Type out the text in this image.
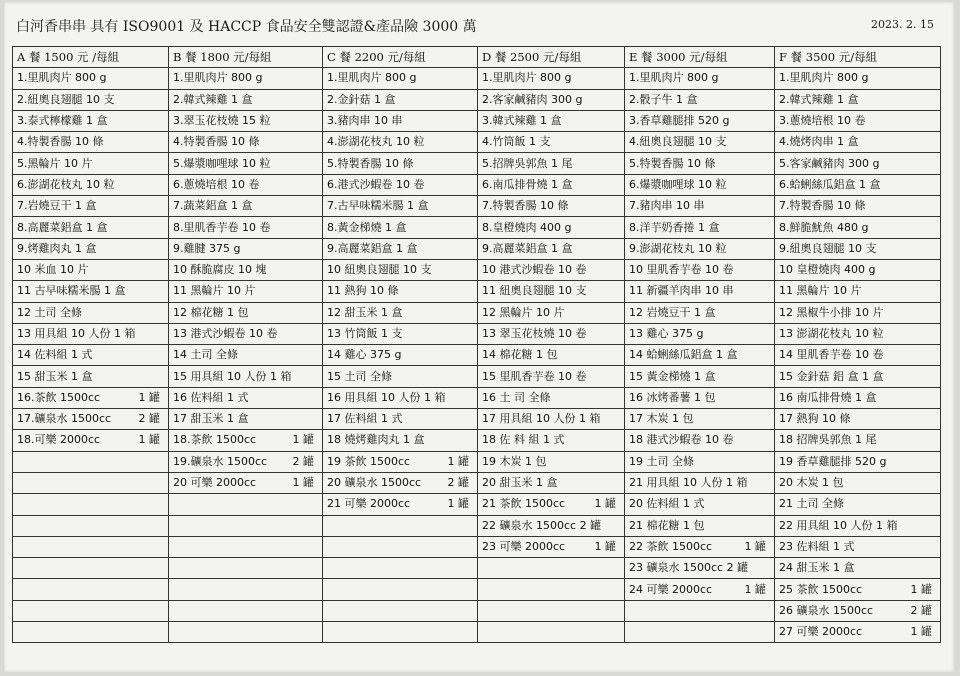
白河香串串 具有 ISO9001 及 HACCP 食品安全雙認證&產品險 3000 萬	2023. 2. 15
A 餐 1500 元 /每組	B 餐 1800 元/每組	C 餐 2200 元/每組	D 餐 2500 元/每組	E 餐 3000 元/每組	F 餐 3500 元/每組
1.里肌肉片 800 g	1.里肌肉片 800 g	1.里肌肉片 800 g	1.里肌肉片 800 g	1.里肌肉片 800 g	1.里肌肉片 800 g
2.紐奧良翅腿 10 支	2.韓式辣雞 1 盒	2.金針菇 1 盒	2.客家鹹豬肉 300 g	2.骰子牛 1 盒	2.韓式辣雞 1 盒
3.泰式檸檬雞 1 盒	3.翠玉花枝燒 15 粒	3.豬肉串 10 串	3.韓式辣雞 1 盒	3.香草雞腿排 520 g	3.蔥燒培根 10 卷
4.特製香腸 10 條	4.特製香腸 10 條	4.澎湖花枝丸 10 粒	4.竹筒飯 1 支	4.紐奧良翅腿 10 支	4.燒烤肉串 1 盒
5.黑輪片 10 片	5.爆漿咖哩球 10 粒	5.特製香腸 10 條	5.招牌吳郭魚 1 尾	5.特製香腸 10 條	5.客家鹹豬肉 300 g
6.澎湖花枝丸 10 粒	6.蔥燒培根 10 卷	6.港式沙蝦卷 10 卷	6.南瓜排骨燒 1 盒	6.爆漿咖哩球 10 粒	6.蛤蜊絲瓜鋁盒 1 盒
7.岩燒豆干 1 盒	7.蔬菜鋁盒 1 盒	7.古早味糯米腸 1 盒	7.特製香腸 10 條	7.豬肉串 10 串	7.特製香腸 10 條
8.高麗菜鋁盒 1 盒	8.里肌香芋卷 10 卷	8.黃金梯燒 1 盒	8.皇橙燒肉 400 g	8.洋芋奶香捲 1 盒	8.鮮脆魷魚 480 g
9.烤雞肉丸 1 盒	9.雞腱 375 g	9.高麗菜鋁盒 1 盒	9.高麗菜鋁盒 1 盒	9.澎湖花枝丸 10 粒	9.紐奧良翅腿 10 支
10 米血 10 片	10 酥脆腐皮 10 塊	10 紐奧良翅腿 10 支	10 港式沙蝦卷 10 卷	10 里肌香芋卷 10 卷	10 皇橙燒肉 400 g
11 古早味糯米腸 1 盒	11 黑輪片 10 片	11 熱狗 10 條	11 紐奧良翅腿 10 支	11 新疆羊肉串 10 串	11 黑輪片 10 片
12 土司 全條	12 棉花糖 1 包	12 甜玉米 1 盒	12 黑輪片 10 片	12 岩燒豆干 1 盒	12 黑椒牛小排 10 片
13 用具組 10 人份 1 箱	13 港式沙蝦卷 10 卷	13 竹筒飯 1 支	13 翠玉花枝燒 10 卷	13 雞心 375 g	13 澎湖花枝丸 10 粒
14 佐料組 1 式	14 土司 全條	14 雞心 375 g	14 棉花糖 1 包	14 蛤蜊絲瓜鋁盒 1 盒	14 里肌香芋卷 10 卷
15 甜玉米 1 盒	15 用具組 10 人份 1 箱	15 土司 全條	15 里肌香芋卷 10 卷	15 黃金梯燒 1 盒	15 金針菇 鋁 盒 1 盒
16.茶飲 1500cc 1 罐	16 佐料組 1 式	16 用具組 10 人份 1 箱	16 土 司 全條	16 冰烤番薯 1 包	16 南瓜排骨燒 1 盒
17.礦泉水 1500cc 2 罐	17 甜玉米 1 盒	17 佐料組 1 式	17 用具組 10 人份 1 箱	17 木炭 1 包	17 熱狗 10 條
18.可樂 2000cc 1 罐	18.茶飲 1500cc 1 罐	18 燒烤雞肉丸 1 盒	18 佐 料 組 1 式	18 港式沙蝦卷 10 卷	18 招牌吳郭魚 1 尾
	19.礦泉水 1500cc 2 罐	19 茶飲 1500cc 1 罐	19 木炭 1 包	19 土司 全條	19 香草雞腿排 520 g
	20 可樂 2000cc 1 罐	20 礦泉水 1500cc 2 罐	20 甜玉米 1 盒	21 用具組 10 人份 1 箱	20 木炭 1 包
		21 可樂 2000cc 1 罐	21 茶飲 1500cc 1 罐	20 佐料組 1 式	21 土司 全條
			22 礦泉水 1500cc 2 罐	21 棉花糖 1 包	22 用具組 10 人份 1 箱
			23 可樂 2000cc 1 罐	22 茶飲 1500cc 1 罐	23 佐料組 1 式
				23 礦泉水 1500cc 2 罐	24 甜玉米 1 盒
				24 可樂 2000cc 1 罐	25 茶飲 1500cc 1 罐

					26 礦泉水 1500cc 2 罐

					27 可樂 2000cc 1 罐
